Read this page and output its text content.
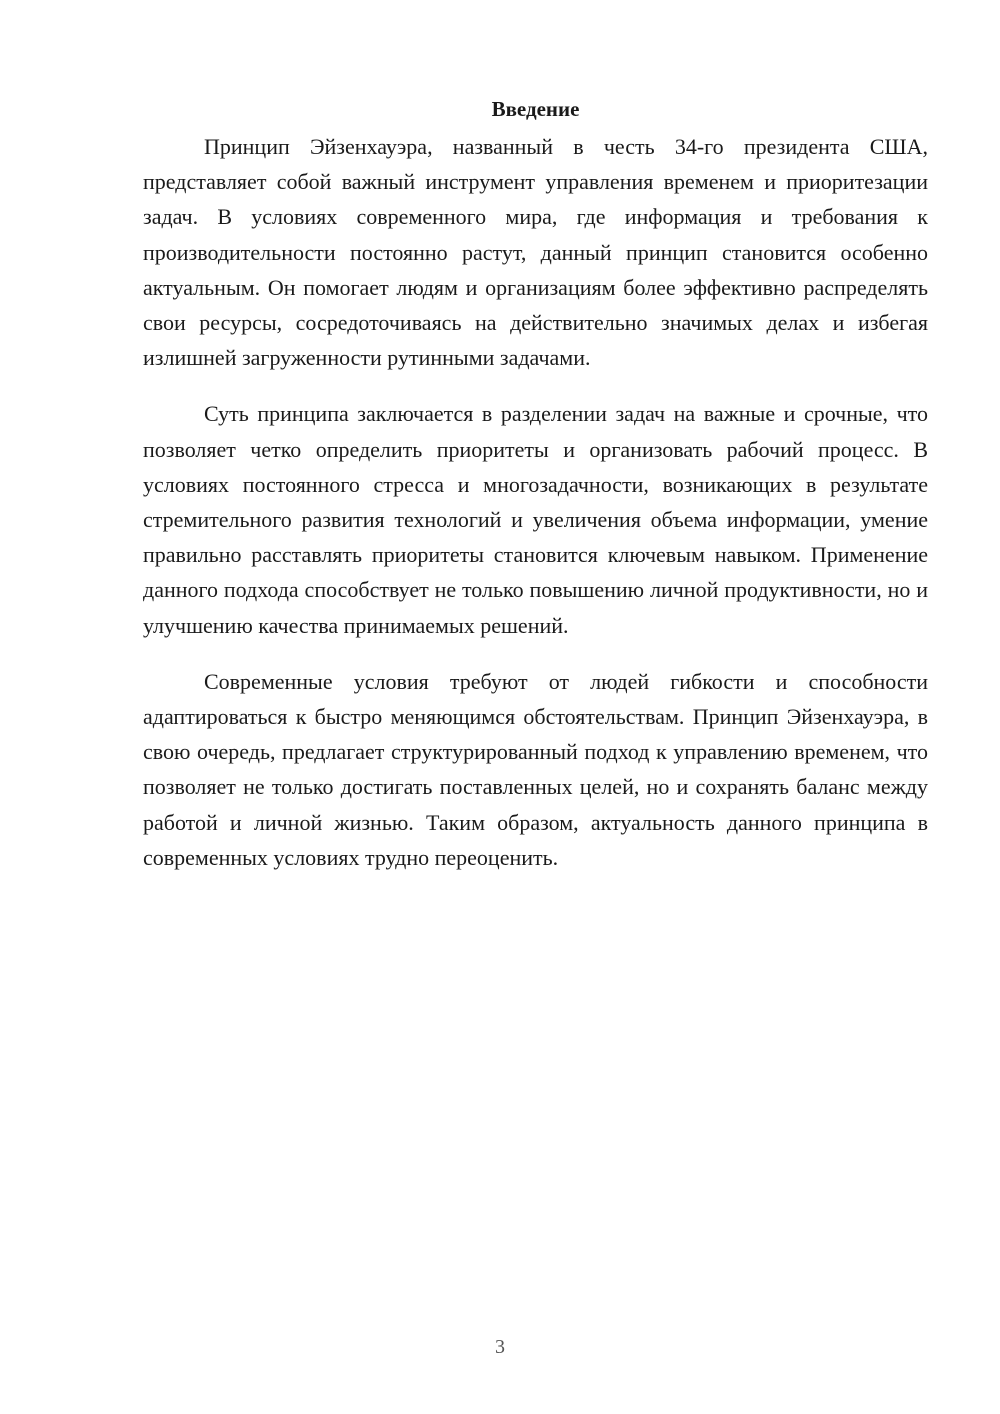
Введение

Принцип Эйзенхауэра, названный в честь 34-го президента США, представляет собой важный инструмент управления временем и приоритезации задач. В условиях современного мира, где информация и требования к производительности постоянно растут, данный принцип становится особенно актуальным. Он помогает людям и организациям более эффективно распределять свои ресурсы, сосредоточиваясь на действительно значимых делах и избегая излишней загруженности рутинными задачами.

Суть принципа заключается в разделении задач на важные и срочные, что позволяет четко определить приоритеты и организовать рабочий процесс. В условиях постоянного стресса и многозадачности, возникающих в результате стремительного развития технологий и увеличения объема информации, умение правильно расставлять приоритеты становится ключевым навыком. Применение данного подхода способствует не только повышению личной продуктивности, но и улучшению качества принимаемых решений.

Современные условия требуют от людей гибкости и способности адаптироваться к быстро меняющимся обстоятельствам. Принцип Эйзенхауэра, в свою очередь, предлагает структурированный подход к управлению временем, что позволяет не только достигать поставленных целей, но и сохранять баланс между работой и личной жизнью. Таким образом, актуальность данного принципа в современных условиях трудно переоценить.

3
